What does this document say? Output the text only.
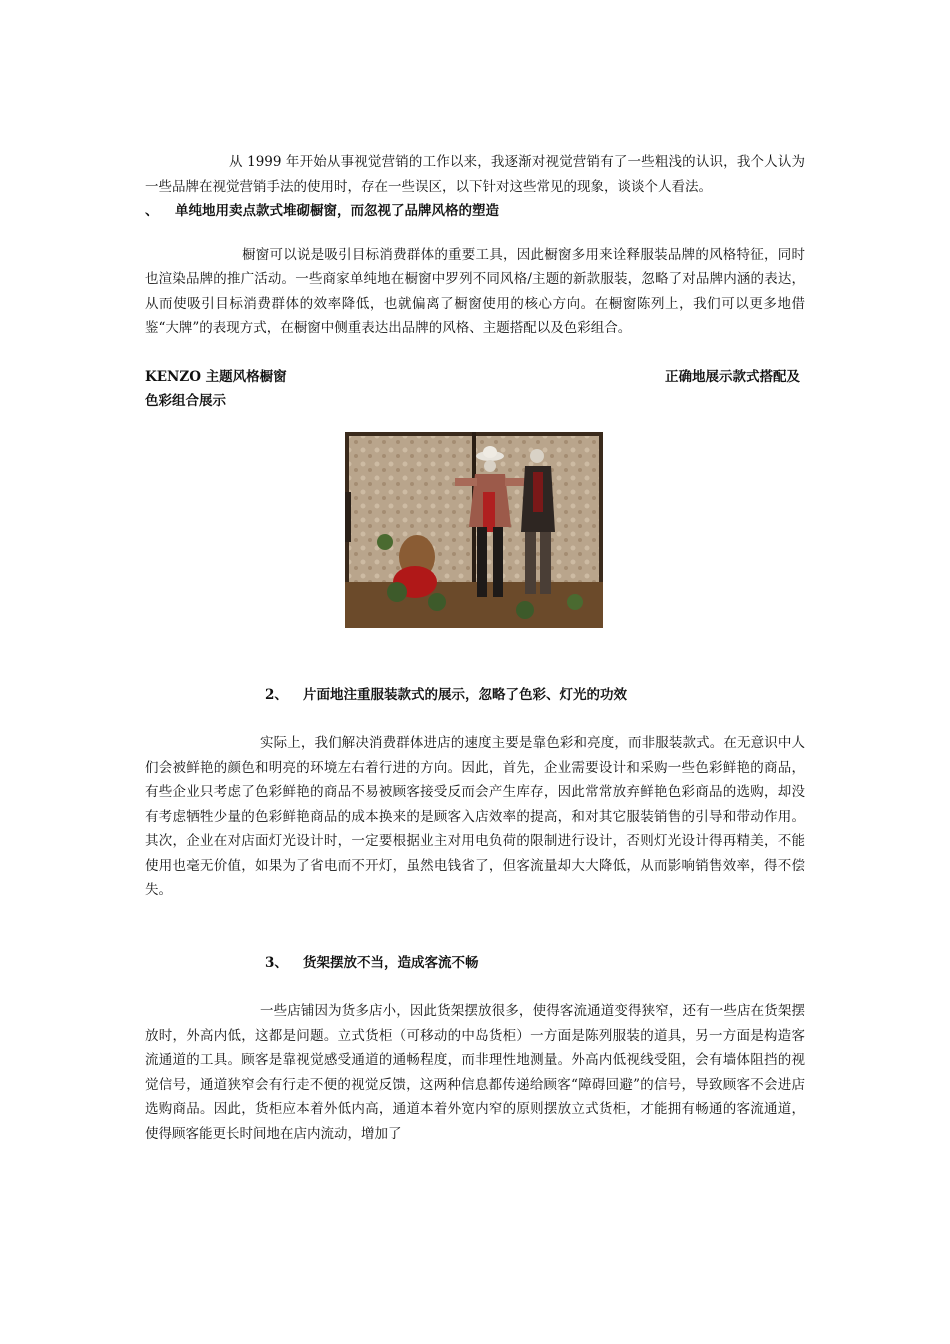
从 1999 年开始从事视觉营销的工作以来，我逐渐对视觉营销有了一些粗浅的认识，我个人认为一些品牌在视觉营销手法的使用时，存在一些误区，以下针对这些常见的现象，谈谈个人看法。

、 单纯地用卖点款式堆砌橱窗，而忽视了品牌风格的塑造

橱窗可以说是吸引目标消费群体的重要工具，因此橱窗多用来诠释服装品牌的风格特征，同时也渲染品牌的推广活动。一些商家单纯地在橱窗中罗列不同风格/主题的新款服装，忽略了对品牌内涵的表达，从而使吸引目标消费群体的效率降低，也就偏离了橱窗使用的核心方向。在橱窗陈列上，我们可以更多地借鉴“大牌”的表现方式，在橱窗中侧重表达出品牌的风格、主题搭配以及色彩组合。

KENZO 主题风格橱窗	正确地展示款式搭配及

色彩组合展示

2、 片面地注重服装款式的展示，忽略了色彩、灯光的功效

实际上，我们解决消费群体进店的速度主要是靠色彩和亮度，而非服装款式。在无意识中人们会被鲜艳的颜色和明亮的环境左右着行进的方向。因此，首先，企业需要设计和采购一些色彩鲜艳的商品，有些企业只考虑了色彩鲜艳的商品不易被顾客接受反而会产生库存，因此常常放弃鲜艳色彩商品的选购，却没有考虑牺牲少量的色彩鲜艳商品的成本换来的是顾客入店效率的提高，和对其它服装销售的引导和带动作用。其次，企业在对店面灯光设计时，一定要根据业主对用电负荷的限制进行设计，否则灯光设计得再精美，不能使用也毫无价值，如果为了省电而不开灯，虽然电钱省了，但客流量却大大降低，从而影响销售效率，得不偿失。

3、 货架摆放不当，造成客流不畅

一些店铺因为货多店小，因此货架摆放很多，使得客流通道变得狭窄，还有一些店在货架摆放时，外高内低，这都是问题。立式货柜（可移动的中岛货柜）一方面是陈列服装的道具，另一方面是构造客流通道的工具。顾客是靠视觉感受通道的通畅程度，而非理性地测量。外高内低视线受阻，会有墙体阻挡的视觉信号，通道狭窄会有行走不便的视觉反馈，这两种信息都传递给顾客“障碍回避”的信号，导致顾客不会进店选购商品。因此，货柜应本着外低内高，通道本着外宽内窄的原则摆放立式货柜，才能拥有畅通的客流通道，使得顾客能更长时间地在店内流动，增加了
